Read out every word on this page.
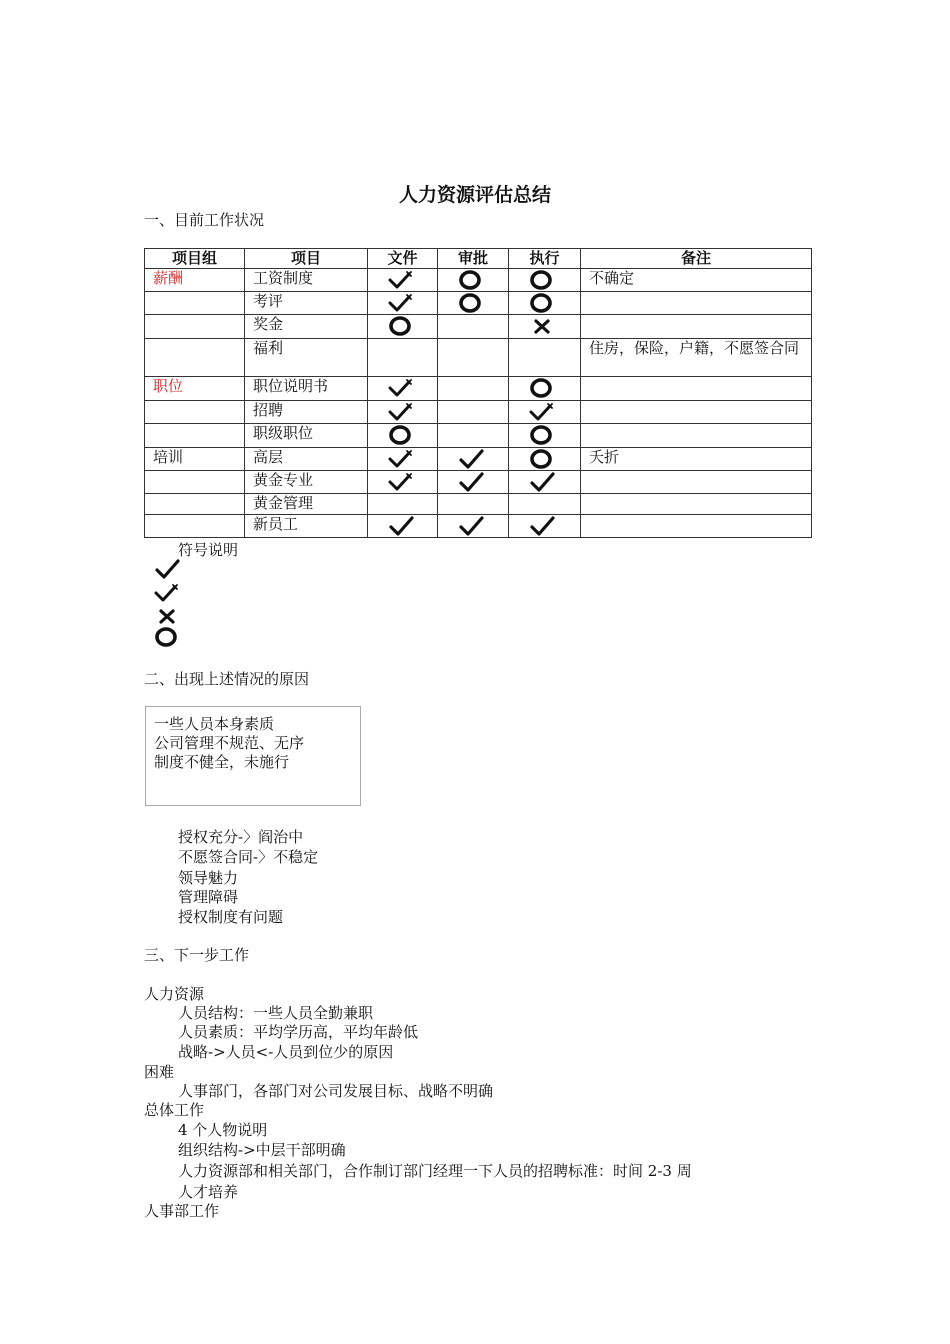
人力资源评估总结
一、目前工作状况
项目组	项目	文件	审批	执行	备注
薪酬	工资制度				不确定
	考评	

	奖金	

	福利				住房，保险，户籍，不愿签合同
职位	职位说明书	

	招聘	

	职级职位	

培训	高层				夭折
	黄金专业	

	黄金管理				
	新员工	

符号说明
二、出现上述情况的原因
一些人员本身素质
公司管理不规范、无序
制度不健全，未施行
授权充分-〉阎治中
不愿签合同-〉不稳定
领导魅力
管理障碍
授权制度有问题
三、下一步工作
人力资源
人员结构：一些人员全勤兼职
人员素质：平均学历高，平均年龄低
战略->人员<-人员到位少的原因
困难
人事部门，各部门对公司发展目标、战略不明确
总体工作
4 个人物说明
组织结构->中层干部明确
人力资源部和相关部门，合作制订部门经理一下人员的招聘标准：时间 2-3 周
人才培养
人事部工作
